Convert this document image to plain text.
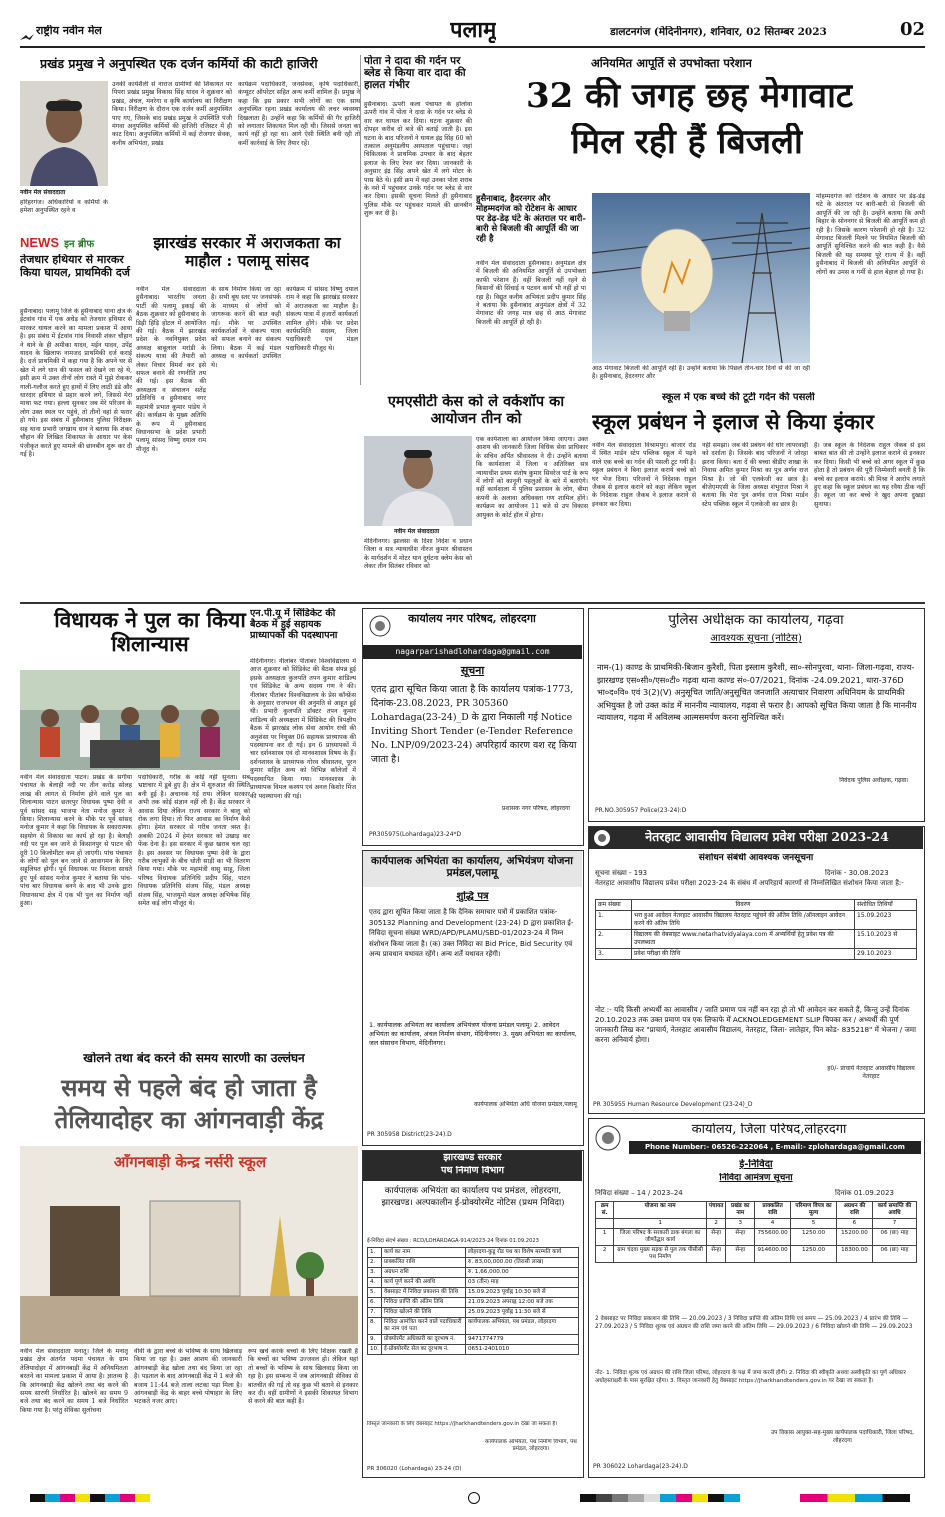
राष्ट्रीय नवीन मेल	पलामू	डालटनगंज (मेदिनीनगर), शनिवार, 02 सितम्बर 2023	02
प्रखंड प्रमुख ने अनुपस्थित एक दर्जन कर्मियों की काटी हाजिरी
नवीन मेल संवाददाता
हरिहरगंज। अधिकारियों व कर्मियों के हमेशा अनुपस्थित रहने व
उनकी कार्यशैली से नाराज ग्रामीणों की शिकायत पर पिपरा प्रखंड प्रमुख विकास सिंह यादव ने शुक्रवार को प्रखंड, अंचल, मनरेगा व कृषि कार्यालय का निरीक्षण किया। निरीक्षण के दौरान एक दर्जन कर्मी अनुपस्थित पाए गए, जिसके बाद प्रखंड प्रमुख ने उपस्थिति पंजी मंगवा अनुपस्थित कर्मियों की हाजिरी रजिस्टर में ही काट दिया। अनुपस्थित कर्मियों में कई रोजगार सेवक, कनीय अभियंता, प्रखंड
कार्यक्रम पदाधिकारी, जनसेवक, कृषि पदाधिकारी, कंप्यूटर ऑपरेटर सहित अन्य कर्मी शामिल हैं। प्रमुख ने कहा कि इस प्रकार सभी लोगों का एक साथ अनुपस्थित रहना प्रखंड कार्यालय की लचर व्यवस्था दिखलाता है। उन्होंने कहा कि कर्मियों की गैर हाजिरी को लगातार शिकायत मिल रही थी। जिससे जनता का कार्य नहीं हो रहा था। आगे ऐसी स्थिति बनी रही तो कर्मी कार्रवाई के लिए तैयार रहें।
पोता ने दादा की गर्दन पर ब्लेड से किया वार दादा की हालत गंभीर
हुसैनाबाद। ऊपरी कला पंचायत के होलोवा ऊपरी गांव में पोता ने दादा के गर्दन पर ब्लेड से वार कर घायल कर दिया। घटना शुक्रवार की दोपहर करीब दो बजे की बताई जाती है। इस घटना के बाद परिजनों ने घायल इंद्र सिंह 60 को तत्काल अनुमंडलीय अस्पताल पहुंचाया। जहां चिकित्सक ने प्राथमिक उपचार के बाद बेहतर इलाज के लिए रेफर कर दिया। जानकारी के अनुसार इंद्र सिंह अपने खेत में लगे मोटर के पास बैठे थे। इसी क्रम में वहां उनका पोता शराब के नशे में पहुंचकर उनके गर्दन पर ब्लेड से वार कर दिया। इसकी सूचना मिलते ही हुसैनाबाद पुलिस मौके पर पहुंचकर मामले की छानबीन शुरू कर दी है।
अनियमित आपूर्ति से उपभोक्ता परेशान
32 की जगह छह मेगावाट
मिल रही हैं बिजली
हुसैनाबाद, हैदरनगर और मोहम्मदगंज को रोटेशन के आधार पर डेढ़-डेढ़ घंटे के अंतराल पर बारी-बारी से बिजली की आपूर्ति की जा रही है
नवीन मेल संवाददाता हुसैनाबाद। अनुमंडल क्षेत्र में बिजली की अनियमित आपूर्ति से उपभोक्ता काफी परेशान हैं। वहीं बिजली नहीं रहने से किसानों की सिंचाई व पटवन कार्य भी नहीं हो पा रहा है। विद्युत कनीय अभियंता प्रदीप कुमार सिंह ने बताया कि हुसैनाबाद अनुमंडल क्षेत्रों में 32 मेगावाट की जगह मात्र छह से आठ मेगावाट बिजली की आपूर्ति हो रही है।
आठ मेगावाट बिजली की आपूर्ति रही है। उन्होंने बताया कि पिछले तीन-चार दिनों से की जा रही है। हुसैनाबाद, हैदरनगर और
मोहम्मदगंज को रोटेशन के आधार पर डेढ़-डेढ़ घंटे के अंतराल पर बारी-बारी से बिजली की आपूर्ति की जा रही है। उन्होंने बताया कि अभी बिहार के सोननगर से बिजली की आपूर्ति कम हो रही है। जिसके कारण परेशानी हो रही है। 32 मेगावाट बिजली मिलने पर नियमित बिजली की आपूर्ति सुनिश्चित करने की बात कही है। वैसे बिजली की यह समस्या पूरे राज्य में है। वहीं हुसैनाबाद में बिजली की अनियमित आपूर्ति से लोगों का उमस व गर्मी से हाल बेहाल हो गया है।
NEWS इन ब्रीफ
तेजधार हथियार से मारकर किया घायल, प्राथमिकी दर्ज
हुसैनाबाद। पलामू जिले के हुसैनाबाद थाना क्षेत्र के ईटवांव गांव में एक अधेड़ को तेजधार हथियार से मारकर घायल करने का मामला प्रकाश में आया है। इस संबंध में ईटवांव गांव निवासी शंकर चौहान ने थाने के ही अमीका यादव, मईन यादव, उपेंद्र यादव के खिलाफ नामजद प्राथमिकी दर्ज कराई है। दर्ज प्राथमिकी में कहा गया है कि अपने घर से खेत में लगे धान की फसल को देखने जा रहे थे, इसी क्रम में उक्त तीनों लोग रास्ते में मुझे रोककर गाली-गलौज करते हुए हाथों में लिए लाठी डंडे और धारदार हथियार से प्रहार करने लगे, जिससे मेरा माथा फट गया। हल्ला सुनकर जब मेरे परिजन के लोग उक्त स्थल पर पहुंचे, तो तीनों वहां से फरार हो गये। इस संबंध में हुसैनाबाद पुलिस निरीक्षक सह थाना प्रभारी जगन्नाथ धान ने बताया कि शंकर चौहान की लिखित शिकायत के आधार पर केस पंजीकृत करते हुए मामले की छानबीन शुरू कर दी गई है।
झारखंड सरकार में अराजकता का माहौल : पलामू सांसद
नवीन मेल संवाददाता हुसैनाबाद। भारतीय जनता पार्टी की पलामू इकाई की बैठक शुक्रवार को हुसैनाबाद के डिह्री हिड़ि होटल में आयोजित की गई। बैठक में झारखंड प्रदेश के नवनियुक्त प्रदेश अध्यक्ष बाबूलाल मरांडी के संकल्प यात्रा की तैयारी को लेकर विचार विमर्श कर इसे सफल बनाने की रणनीति तय की गई। इस बैठक की अध्यक्षता व संचालन सतेंद्र प्रतिनिधि व हुसैनाबाद नगर महामंत्री प्रभात कुमार पांडेय ने की। कार्यक्रम के मुख्य अतिथि के रूप में हुसैनाबाद विधानसभा के प्रदेश प्रभारी पलामू सांसद विष्णु दयाल राम मौजूद थे।
के साथ निर्माण किया जा रहा है। सभी बूथ स्तर पर जनसंपर्क के माध्यम से लोगों को जागरूक करने की बात कही गई। मौके पर उपस्थित कार्यकर्ताओं ने संकल्प यात्रा को सफल बनाने का संकल्प लिया। बैठक में कई मंडल अध्यक्ष व कार्यकर्ता उपस्थित थे।
कार्यक्रम में सांसद विष्णु दयाल राम ने कहा कि झारखंड सरकार में अराजकता का माहौल है। संकल्प यात्रा में हजारों कार्यकर्ता शामिल होंगे। मौके पर प्रदेश कार्यसमिति सदस्य, जिला पदाधिकारी एवं मंडल पदाधिकारी मौजूद थे।
स्कूल में एक बच्चे की टूटी गर्दन की पसली
स्कूल प्रबंधन ने इलाज से किया इंकार
नवीन मेल संवाददाता विश्रामपुर। बाजार रोड में स्थित मार्डन स्टेप पब्लिक स्कूल में पढ़ने वाले एक बच्चे का गर्दन की पसली टूट गयी है। स्कूल प्रबंधन ने बिना इलाज कराये बच्चे को घर भेज दिया। परिजनों ने निदेशक राहुल जैकब से इलाज कराने को कहा लेकिन स्कूल के निदेशक राहुल जैकब ने इलाज कराने से इनकार कर दिया।
नहीं समझा। जब की प्रबंधन की घोर लापरवाही को दर्शाता है। जिसके बाद परिजनों ने जोरहा झरना किया। बता दें की बच्चा बीडीए शाखा के निवास अमित कुमार मिश्रा का पुत्र अर्णव राज मिश्रा है। जो की एलकेजी का छात्र है। बीजेएमएसी के जिला अध्यक्ष शंभुराज मिश्रा ने बताया कि मेरा पुत्र अर्णव राज मिश्रा मार्डन स्टेप पब्लिक स्कूल में एलकेजी का छात्र है।
है। जब स्कूल के निदेशक राहुल जैकब से इस बाबत बात की तो उन्होंने इलाज कराने से इनकार कर दिया। किसी भी बच्चे को अगर स्कूल में कुछ होता है तो प्रबंधन की पूरी जिम्मेवारी बनती है कि बच्चे का इलाज कराये। श्री मिश्रा ने आरोप लगाते हुए कहा कि स्कूल प्रबंधन का यह रवैया ठीक नहीं है। स्कूल जा कर बच्चे ने खुद अपना दुखड़ा सुनाया।
एमएसीटी केस को ले वर्कशॉप का आयोजन तीन को
नवीन मेल संवाददाता
मेदिनीनगर। झालसा के दिशा निर्देश व प्रधान जिला व सत्र न्यायाधीश नीरज कुमार श्रीवास्तव के मार्गदर्शन में मोटर यान दुर्घटना क्लेम केस को लेकर तीन सितंबर रविवार को
एक कार्यशाला का आयोजन किया जाएगा। उक्त आशय की जानकारी जिला विधिक सेवा प्राधिकार के सचिव अर्पित श्रीवास्तव ने दी। उन्होंने बताया कि कार्यशाला में जिला व अतिरिक्त सत्र न्यायाधीश प्रथम संतोष कुमार सिवरेज पार्ट के रूप में लोगों को कानूनी पहलुओं के बारे में बताएंगे। वहीं कार्यशाला में पुलिस प्रशासन के लोग, बीमा कंपनी के अलावा अधिवक्ता गण शामिल होंगे। कार्यक्रम का आयोजन 11 बजे से उप विकास आयुक्त के कोर्ट हॉल में होगा।
विधायक ने पुल का किया शिलान्यास
नवीन मेल संवाददाता पाटन। प्रखंड के सगीया पंचायत के बेलाही नदी पर तीन करोड़ सोलह लाख की लागत से निर्माण होने वाले पुल का शिलान्यास पाटन छतरपुर विधायक पुष्पा देवी व पूर्व सांसद सह भाजपा नेता मनोज कुमार ने किया। शिलान्यास करने के मौके पर पूर्व सांसद मनोज कुमार ने कहा कि विधायक के सकारात्मक सहयोग से विकास का कार्य हो रहा है। बेलाही नदी पर पुल बन जाने से किसानपुर से पाटन की दूरी 10 किलोमीटर कम हो जाएगी। पांच पंचायत के लोगों को पुल बन जाने से आवागमन के लिए सहूलियत होगी। पूर्व विधायक पर निशाना साधते हुए पूर्व सांसद मनोज कुमार ने बताया कि पांच-पांच बार विधायक बनने के बाद भी उनके द्वारा विधानसभा क्षेत्र में एक भी पुल का निर्माण नहीं हुआ।
पदाधिकारी, गरीब के कोई नहीं सुनता। सब भ्रष्टाचार में डूबे हुए हैं। क्षेत्र में शुरुआत की स्थिति बनी हुई है। अचानक गई राय। लेकिन सरकार अभी तक कोई संज्ञान नहीं ली है। केंद्र सरकार ने आवास दिया लेकिन राज्य सरकार ने बालू को रोक लगा दिया। तो फिर आवास का निर्माण कैसे होगा। हेमंत सरकार से गरीब जनता त्रस्त है। अबकी 2024 में हेमंत सरकार को उखाड़ कर फेंक देना है। इस सरकार में कुछ खराब चल रहा है। इस अवसर पर विधायक पुष्पा देवी के द्वारा गरीब लाभुकों के बीच धोती साड़ी का भी वितरण किया गया। मौके पर महामंत्री वासु साहू, जिला परिषद विधायक प्रतिनिधि प्रदीप सिंह, पाटन विधायक प्रतिनिधि संजय सिंह, मंडल अध्यक्ष संजय सिंह, भाजयुमो मंडल अध्यक्ष अभिषेक सिंह समेत कई लोग मौजूद थे।
एन.पी.यू में सिंडिकेट की बैठक में हुई सहायक प्राध्यापकों की पदस्थापना
मेदिनीनगर। नीलांबर पीतांबर विश्वविद्यालय में आज शुक्रवार को सिंडिकेट की बैठक संपन्न हुई इसके अध्यक्षता कुलपति तपन कुमार शांडिल्य एवं सिंडिकेट के अन्य सदस्य गण ने की। नीलांबर पीतांबर विश्वविद्यालय के प्रेस कॉन्फ्रेंस के अनुसार राजभवन की अनुमति से आहूत हुई थी। प्रभारी कुलपति डॉक्टर तपन कुमार शांडिल्य की अध्यक्षता में सिंडिकेट की त्रिपक्षीय बैठक में झारखंड लोक सेवा आयोग रांची की अनुशंसा पर नियुक्त 06 सहायक प्राध्यापक की पदस्थापना कर दी गई। इन 6 प्राध्यापकों में चार दर्शनशास्त्र एवं दो मानवशास्त्र विषय के हैं। दर्शनशास्त्र के प्राध्यापक गोरव श्रीवास्तव, पूरन कुमार सहित अन्य को विभिन्न कॉलेजों में पदस्थापित किया गया। मानवशास्त्र के प्राध्यापक विमल कश्यप एवं अनल किशोर मिंज की पदस्थापना की गई।
कार्यालय नगर परिषद, लोहरदगा
nagarparishadlohardaga@gmail.com
सूचना
एतद द्वारा सूचित किया जाता है कि कार्यालय पत्रांक-1773, दिनांक-23.08.2023, PR 305360 Lohardaga(23-24)_D के द्वारा निकाली गई Notice Inviting Short Tender (e-Tender Reference No. LNP/09/2023-24) अपरिहार्य कारण वश रद्द किया जाता है।
प्रशासक नगर परिषद, लोहरदगा
PR305975(Lohardaga)23-24*D
पुलिस अधीक्षक का कार्यालय, गढ़वा
आवश्यक सूचना (नोटिस)
नाम-(1) काण्ड के प्राथमिकी-बिजान कुरैशी, पिता इस्लाम कुरैशी, सा०-सोनपुरवा, थाना- जिला-गढ़वा, राज्य-झारखण्ड एस०सी०/एस०टी० गढ़वा थाना काण्ड सं०-07/2021, दिनांक -24.09.2021, धारा-376D भा०द०वि० एवं 3(2)(V) अनुसूचित जाति/अनुसूचित जनजाति अत्याचार निवारण अधिनियम के प्राथमिकी अभियुक्त है जो उक्त कांड में माननीय न्यायालय, गढ़वा से फरार है। आपको सूचित किया जाता है कि माननीय न्यायालय, गढ़वा में अविलम्ब आत्मसमर्पण करना सुनिश्चित करें।
निवेदक पुलिस अधीक्षक, गढ़वा।
PR.NO.305957 Police(23-24):D
कार्यपालक अभियंता का कार्यालय, अभियंत्रण योजना प्रमंडल,पलामू
शुद्धि पत्र
एतद द्वारा सूचित किया जाता है कि दैनिक समाचार पत्रों में प्रकाशित पत्रांक- 305132 Planning and Development (23-24) D द्वारा प्रकाशित ई-निविदा सूचना संख्या WRD/APD/PLAMU/SBD-01/2023-24 में निम्न संशोधन किया जाता है। (क) उक्त निविदा का Bid Price, Bid Security एवं अन्य प्रावधान यथावत रहेंगे। अन्य शर्तें यथावत रहेंगी।
1. कार्यपालक अभियंता का कार्यालय अभियंत्रण योजना प्रमंडल पलामू। 2. आवेदन अभियंता का कार्यालय, अंचल निर्माण संभाग, मेदिनीनगर। 3. मुख्य अभियंता का कार्यालय, जल संसाधन विभाग, मेदिनीनगर।
कार्यपालक अभियंता अधि योजना प्रमंडल,पलामू
PR 305958 District(23-24).D
नेतरहाट आवासीय विद्यालय प्रवेश परीक्षा 2023-24
संशोधन संबंधी आवश्यक जनसूचना
सूचना संख्या - 193	दिनांक - 30.08.2023
नेतरहाट आवासीय विद्यालय प्रवेश परीक्षा 2023-24 के संबंध में अपरिहार्य कारणों से निम्नलिखित संशोधन किया जाता है:-
क्रम संख्या	विवरण	संशोधित तिथियाँ
1.	भरा हुआ आवेदन नेतरहाट आवासीय विद्यालय नेतरहाट पहुंचने की अंतिम तिथि /ऑनलाइन आवेदन करने की अंतिम तिथि	15.09.2023
2.	विद्यालय की वेबसाइट www.netarhatvidyalaya.com में अभ्यर्थियों हेतु प्रवेश पत्र की उपलब्धता	15.10.2023 से
3.	प्रवेश परीक्षा की तिथि	29.10.2023
नोट :- यदि किसी अभ्यर्थी का आवासीय / जाति प्रमाण पत्र नहीं बन रहा हो तो भी आवेदन कर सकते हैं, किन्तु उन्हें दिनांक 20.10.2023 तक उक्त प्रमाण पत्र एक लिफाफे में ACKNOLEDGEMENT SLIP चिपका कर / अभ्यर्थी की पूर्ण जानकारी लिख कर "प्राचार्य, नेतरहाट आवासीय विद्यालय, नेतरहाट, जिला- लातेहार, पिन कोड- 835218" में भेजना / जमा करना अनिवार्य होगा।
ह0/- प्राचार्य नेतरहाट आवासीय विद्यालय नेतरहाट
PR 305955 Human Resource Development (23-24)_D
खोलने तथा बंद करने की समय सारणी का उल्लंघन
समय से पहले बंद हो जाता है
तेलियादोहर का आंगनवाड़ी केंद्र
आँगनबाड़ी केन्द्र नर्सरी स्कूल
नवीन मेल संवाददाता मनातू। जिले के मनातू प्रखंड क्षेत्र अंतर्गत पदमा पंचायत के ग्राम तेलियादोहर में आंगनबाड़ी केंद्र में अनियमितता बरतने का मामला प्रकाश में आया है। ज्ञातव्य है कि आंगनबाड़ी केंद्र खोलने तथा बंद करने की समय सारणी निर्धारित है। खोलने का समय 9 बजे तथा बंद करने का समय 1 बजे निर्धारित किया गया है। परंतु सेविका सुलोचना
वीवी के द्वारा बच्चे के भविष्य के साथ खिलवाड़ किया जा रहा है। उक्त आशय की जानकारी आंगनबाड़ी केंद्र खोला तथा बंद किया जा रहा है। पड़ताल के बाद आंगनबाड़ी केंद्र में 1 बजे की बजाय 11:44 बजे ताला लटका पड़ा मिला है। आंगनबाड़ी केंद्र के बाहर बच्चे पोषाहार के लिए भटकते नजर आए।
रूप खर्च करके बच्चों के लिए शिक्षक रखती हैं कि बच्चों का भविष्य उज्जवल हो। लेकिन यहां तो बच्चों के भविष्य के साथ खिलवाड़ किया जा रहा है। इस सम्बन्ध में जब आंगनबाड़ी सेविका से बातचीत की गई तो वह कुछ भी बताने से इनकार कर दी। वहीं ग्रामीणों ने इसकी शिकायत विभाग से करने की बात कही है।
झारखण्ड सरकार
पथ निर्माण विभाग
कार्यपालक अभियंता का कार्यालय पथ प्रमंडल, लोहरदगा, झारखण्ड। अल्पकालीन ई-प्रोक्योरमेंट नोटिस (प्रथम निविदा)
ई-निविदा संदर्भ संख्या : RCD/LOHARDAGA-914/2023-24 दिनांक 01.09.2023
1.	कार्य का नाम	लोहरदगा-कुडू रोड पथ का विशेष मरम्मति कार्य
2.	प्राक्कलित राशि	रु. 83,00,000.00 (तिरासी लाख)
3.	अग्रधन राशि	रु. 1,66,000.00
4.	कार्य पूर्ण करने की अवधि	03 (तीन) माह
5.	वेबसाइट में निविदा प्रकाशन की तिथि	15.09.2023 पूर्वाह्न 10:30 बजे से
6.	निविदा प्राप्ति की अंतिम तिथि	21.09.2023 अपराह्न 12:00 बजे तक
7.	निविदा खोलने की तिथि	25.09.2023 पूर्वाह्न 11:30 बजे से
8.	निविदा आमंत्रित करने वाले पदाधिकारी का नाम एवं पता	कार्यपालक अभियंता, पथ प्रमंडल, लोहरदगा
9.	प्रोक्योरमेंट अधिकारी का दूरभाष नं.	9471774779
10.	ई-प्रोक्योरमेंट सेल का दूरभाष नं.	0651-2401010
विस्तृत जानकारी के लिए वेबसाइट https://jharkhandtenders.gov.in देखा जा सकता है।
कार्यपालक अभियंता, पथ निर्माण विभाग, पथ प्रमंडल, लोहरदगा।
PR 306020 (Lohardaga) 23-24 (D)
कार्यालय, जिला परिषद,लोहरदगा
Phone Number:- 06526-222064 , E-mail:- zplohardaga@gmail.com
ई-निविदा
निविदा आमंत्रण सूचना
निविदा संख्या – 14 / 2023–24	दिनांक 01.09.2023
क्रम सं.	योजना का नाम	पंचायत	प्रखंड का नाम	प्राक्कलित राशि	परिमाण विपत्र का मूल्य	अग्रधन की राशि	कार्य समाप्ति की अवधि
	1	2	3	4	5	6	7
1	जिला परिषद के सरकारी डाक बंगला का जीर्णोद्धार कार्य	सेन्हा	सेन्हा	755600.00	1250.00	15200.00	06 (छः) माह
2	ग्राम चंदवा मुख्य सड़क से पुल तक पीसीसी पथ निर्माण	सेन्हा	सेन्हा	914600.00	1250.00	18300.00	06 (छः) माह
2 वेबसाइट पर निविदा प्रकाशन की तिथि — 20.09.2023 / 3 निविदा प्राप्ति की अंतिम तिथि एवं समय — 25.09.2023 / 4 प्रारंभ की तिथि — 27.09.2023 / 5 निविदा शुल्क एवं अग्रधन की राशि जमा करने की अंतिम तिथि — 29.09.2023 / 6 निविदा खोलने की तिथि — 29.09.2023
नोट- 1. निविदा शुल्क एवं अग्रधन की राशि जिला परिषद, लोहरदगा के पक्ष में जमा करनी होगी। 2. निविदा की स्वीकृति अथवा अस्वीकृति का पूर्ण अधिकार अधोहस्ताक्षरी के पास सुरक्षित रहेगा। 3. विस्तृत जानकारी हेतु वेबसाइट https://jharkhandtenders.gov.in पर देखा जा सकता है।
उप विकास आयुक्त-सह-मुख्य कार्यपालक पदाधिकारी, जिला परिषद, लोहरदगा
PR 306022 Lohardaga(23-24).D
